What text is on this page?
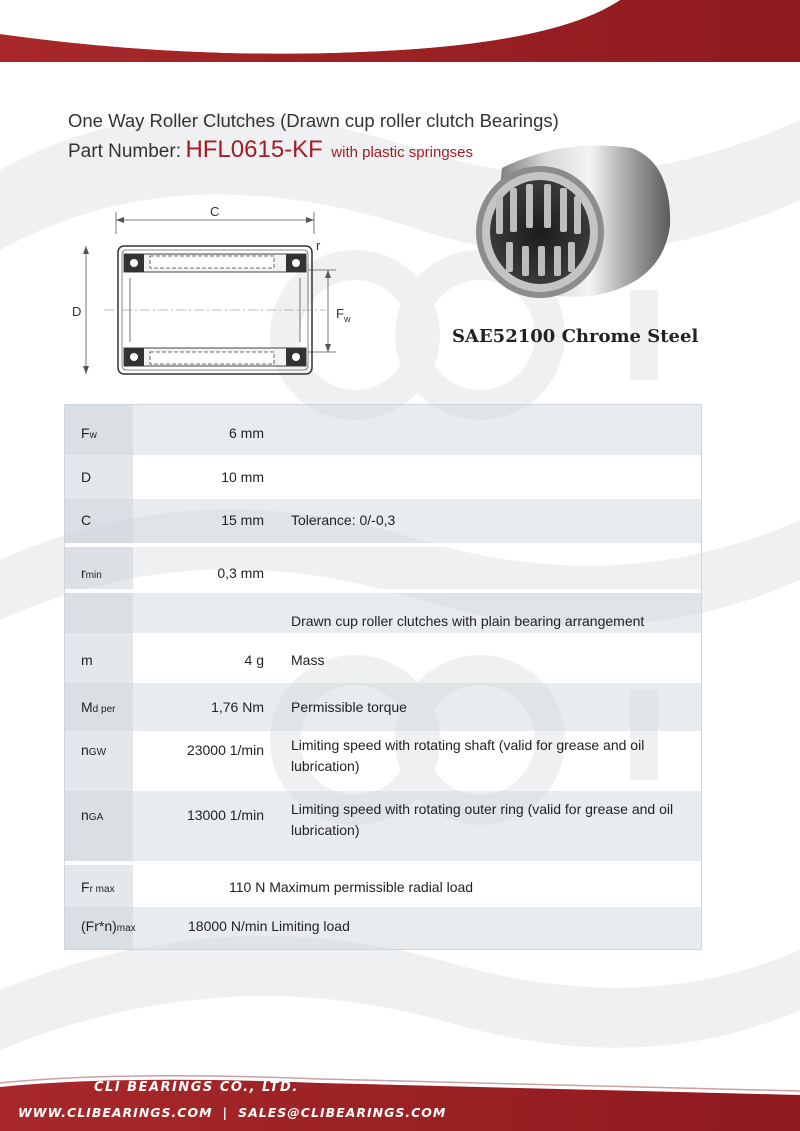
One Way Roller Clutches (Drawn cup roller clutch Bearings)
Part Number: HFL0615-KF with plastic springses
C
r
D	$F_w$
SAE52100 Chrome Steel
Fw	6 mm
D	10 mm
C	15 mm Tolerance: 0/-0,3
rmin	0,3 mm
Drawn cup roller clutches with plain bearing arrangement
m	4 g Mass
Md per	1,76 Nm Permissible torque
nGW	23000 1/min Limiting speed with rotating shaft (valid for grease and oil lubrication)
nGA	13000 1/min Limiting speed with rotating outer ring (valid for grease and oil lubrication)
Fr max	110 N Maximum permissible radial load
(Fr*n)max	18000 N/min Limiting load
CLI BEARINGS CO., LTD.
WWW.CLIBEARINGS.COM | SALES@CLIBEARINGS.COM
